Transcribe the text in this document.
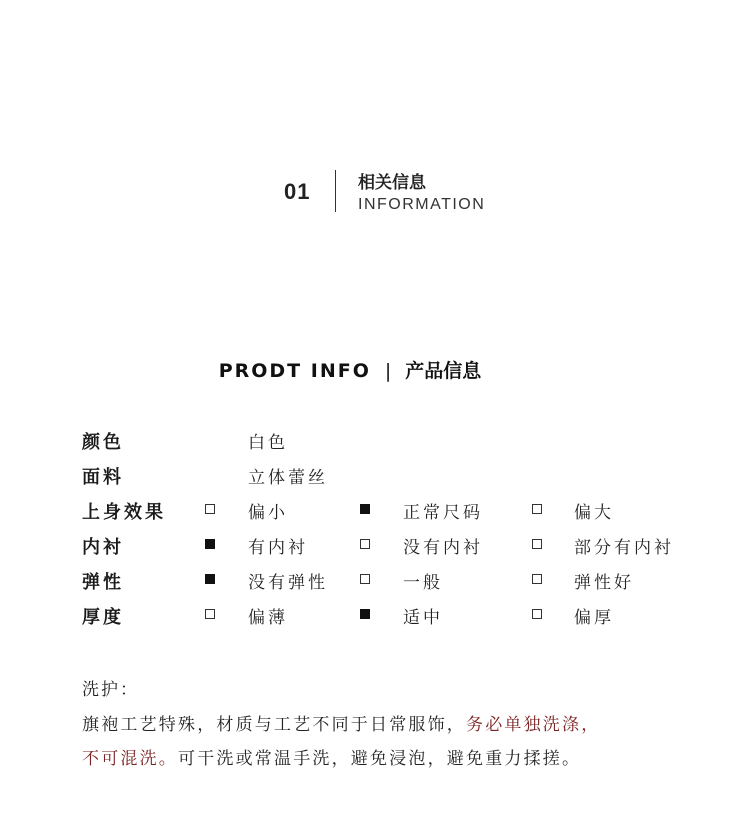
01	相关信息
INFORMATION
PRODT INFO | 产品信息
颜色	白色
面料	立体蕾丝
上身效果	偏小	正常尺码	偏大
内衬	有内衬	没有内衬	部分有内衬
弹性	没有弹性	一般	弹性好
厚度	偏薄	适中	偏厚
洗护：
旗袍工艺特殊，材质与工艺不同于日常服饰，务必单独洗涤，
不可混洗。可干洗或常温手洗，避免浸泡，避免重力揉搓。
